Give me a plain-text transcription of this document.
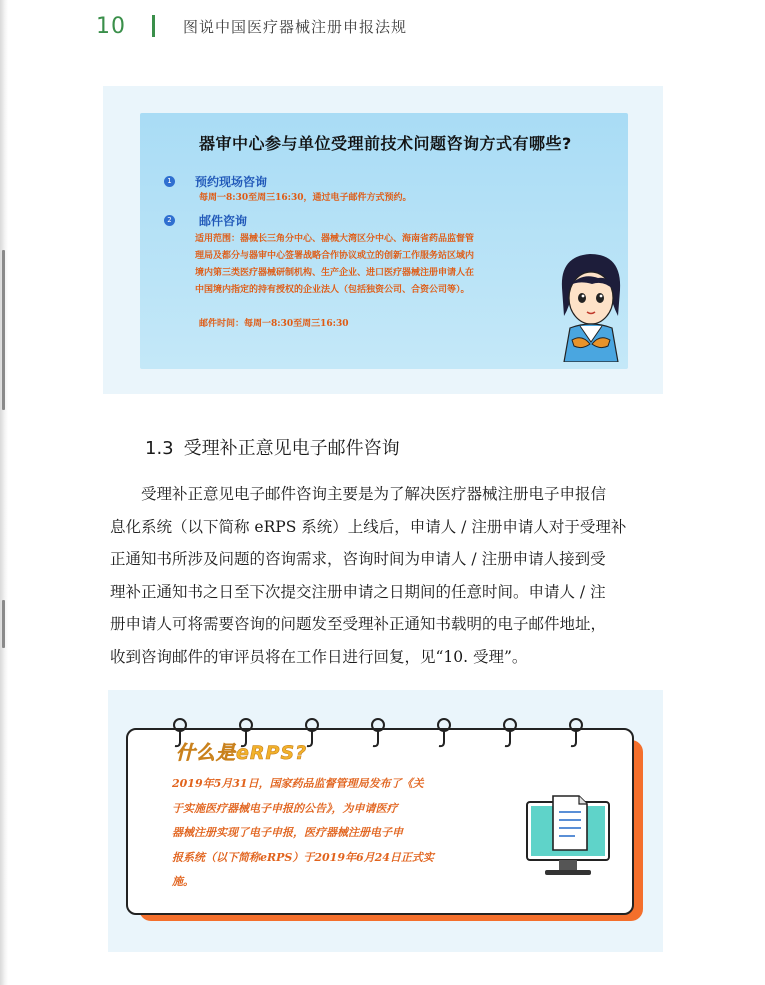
10	图说中国医疗器械注册申报法规
器审中心参与单位受理前技术问题咨询方式有哪些?
1 预约现场咨询
每周一8:30至周三16:30，通过电子邮件方式预约。
2 邮件咨询
适用范围：器械长三角分中心、器械大湾区分中心、海南省药品监督管
理局及都分与器审中心签署战略合作协议或立的创新工作服务站区域内
境内第三类医疗器械研制机构、生产企业、进口医疗器械注册申请人在
中国境内指定的持有授权的企业法人（包括独资公司、合资公司等）。
邮件时间：每周一8:30至周三16:30
1.3 受理补正意见电子邮件咨询
受理补正意见电子邮件咨询主要是为了解决医疗器械注册电子申报信
息化系统（以下简称 eRPS 系统）上线后，申请人 / 注册申请人对于受理补
正通知书所涉及问题的咨询需求，咨询时间为申请人 / 注册申请人接到受
理补正通知书之日至下次提交注册申请之日期间的任意时间。申请人 / 注
册申请人可将需要咨询的问题发至受理补正通知书载明的电子邮件地址，
收到咨询邮件的审评员将在工作日进行回复，见“10. 受理”。
什么是eRPS?
2019年5月31日，国家药品监督管理局发布了《关
于实施医疗器械电子申报的公告》，为申请医疗
器械注册实现了电子申报，医疗器械注册电子申
报系统（以下简称eRPS）于2019年6月24日正式实
施。
